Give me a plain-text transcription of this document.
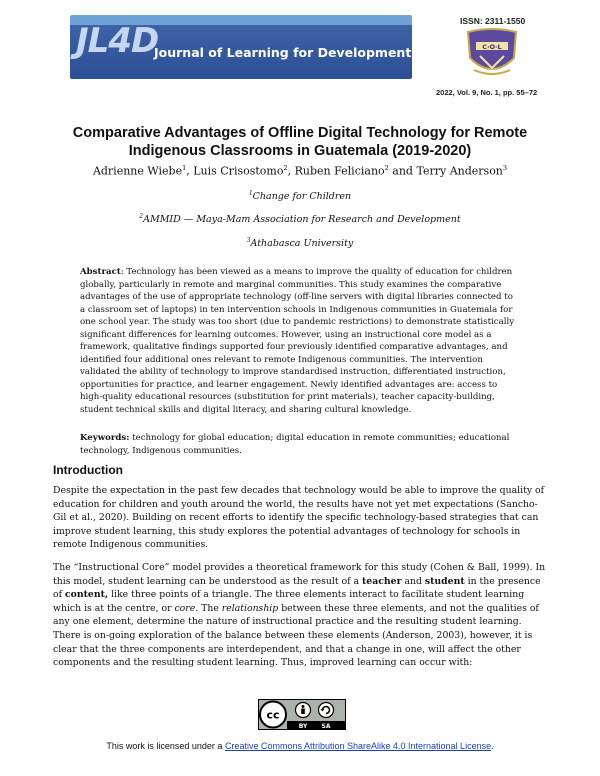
JL4D
Journal of Learning for Development – JL4D
ISSN: 2311-1550
C·O·L
2022, Vol. 9, No. 1, pp. 55–72
Comparative Advantages of Offline Digital Technology for Remote Indigenous Classrooms in Guatemala (2019-2020)
Adrienne Wiebe$^1$, Luis Crisostomo$^2$, Ruben Feliciano$^2$ and Terry Anderson$^3$
$^1$Change for Children
$^2$AMMID — Maya-Mam Association for Research and Development
$^3$Athabasca University
Abstract: Technology has been viewed as a means to improve the quality of education for children globally, particularly in remote and marginal communities. This study examines the comparative advantages of the use of appropriate technology (off-line servers with digital libraries connected to a classroom set of laptops) in ten intervention schools in Indigenous communities in Guatemala for one school year. The study was too short (due to pandemic restrictions) to demonstrate statistically significant differences for learning outcomes. However, using an instructional core model as a framework, qualitative findings supported four previously identified comparative advantages, and identified four additional ones relevant to remote Indigenous communities. The intervention validated the ability of technology to improve standardised instruction, differentiated instruction, opportunities for practice, and learner engagement. Newly identified advantages are: access to high-quality educational resources (substitution for print materials), teacher capacity-building, student technical skills and digital literacy, and sharing cultural knowledge.
Keywords: technology for global education; digital education in remote communities; educational technology, Indigenous communities.
Introduction
Despite the expectation in the past few decades that technology would be able to improve the quality of education for children and youth around the world, the results have not yet met expectations (Sancho-Gil et al., 2020). Building on recent efforts to identify the specific technology-based strategies that can improve student learning, this study explores the potential advantages of technology for schools in remote Indigenous communities.
The “Instructional Core” model provides a theoretical framework for this study (Cohen & Ball, 1999). In this model, student learning can be understood as the result of a teacher and student in the presence of content, like three points of a triangle. The three elements interact to facilitate student learning which is at the centre, or core. The relationship between these three elements, and not the qualities of any one element, determine the nature of instructional practice and the resulting student learning. There is on-going exploration of the balance between these elements (Anderson, 2003), however, it is clear that the three components are interdependent, and that a change in one, will affect the other components and the resulting student learning. Thus, improved learning can occur with:
cc
BY SA
This work is licensed under a Creative Commons Attribution ShareAlike 4.0 International License.
